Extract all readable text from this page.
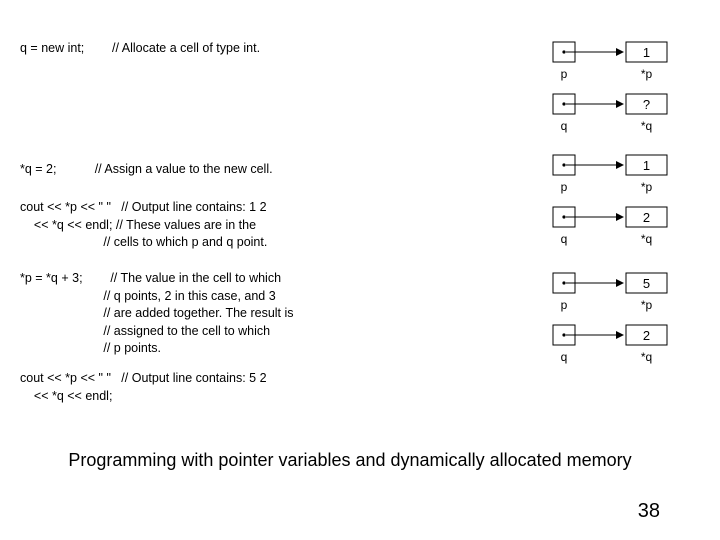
q = new int;        // Allocate a cell of type int.
*q = 2;           // Assign a value to the new cell.
cout << *p << " "   // Output line contains: 1 2
<< *q << endl; // These values are in the
// cells to which p and q point.
*p = *q + 3;        // The value in the cell to which
// q points, 2 in this case, and 3
// are added together. The result is
// assigned to the cell to which
// p points.
cout << *p << " "   // Output line contains: 5 2
<< *q << endl;
1
p	*p
?
q	*q
1
p	*p
2
q	*q
5
p	*p
2
q	*q
Programming with pointer variables and dynamically allocated memory
38
